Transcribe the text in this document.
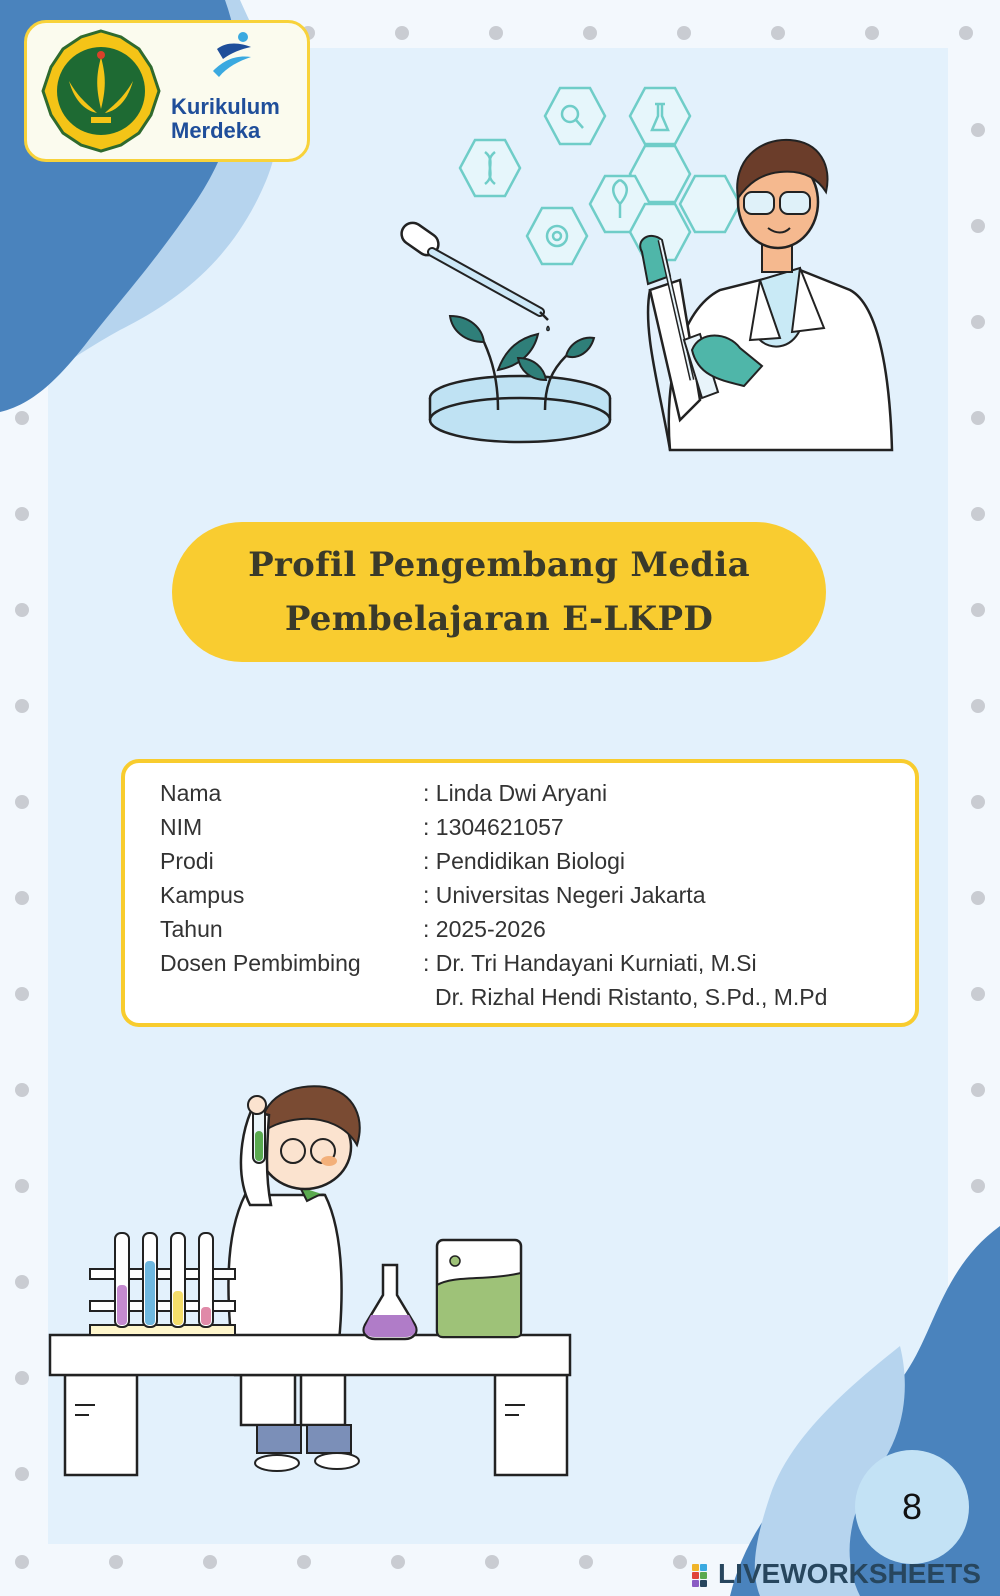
Kurikulum
Merdeka
Profil Pengembang Media
Pembelajaran E-LKPD
Nama	: Linda Dwi Aryani
NIM	: 1304621057
Prodi	: Pendidikan Biologi
Kampus	: Universitas Negeri Jakarta
Tahun	: 2025-2026
Dosen Pembimbing	: Dr. Tri Handayani Kurniati, M.Si
Dr. Rizhal Hendi Ristanto, S.Pd., M.Pd
8
LIVEWORKSHEETS
